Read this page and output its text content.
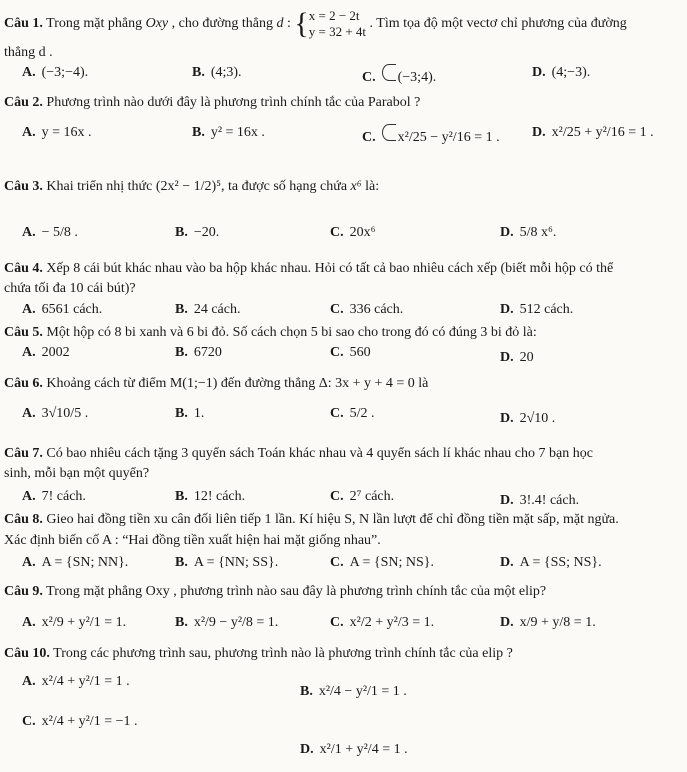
Câu 1. Trong mặt phẳng Oxy , cho đường thẳng d : { x = 2 − 2t
y = 32 + 4t
. Tìm tọa độ một vectơ chỉ phương của đường
thẳng d .
A. (−3;−4).	B. (4;3).	C. (−3;4).	D. (4;−3).
Câu 2. Phương trình nào dưới đây là phương trình chính tắc của Parabol ?
A. y = 16x .	B. y² = 16x .	C. x²/25 − y²/16 = 1 . D. x²/25 + y²/16 = 1 .
Câu 3. Khai triển nhị thức (2x² − 1/2)⁵, ta được số hạng chứa x⁶ là:
A. − 5/8 .	B. −20.	C. 20x⁶	D. 5/8 x⁶.
Câu 4. Xếp 8 cái bút khác nhau vào ba hộp khác nhau. Hỏi có tất cả bao nhiêu cách xếp (biết mỗi hộp có thể
chứa tối đa 10 cái bút)?
A. 6561 cách.	B. 24 cách.	C. 336 cách.	D. 512 cách.
Câu 5. Một hộp có 8 bi xanh và 6 bi đỏ. Số cách chọn 5 bi sao cho trong đó có đúng 3 bi đỏ là:
A. 2002	B. 6720	C. 560	D. 20
Câu 6. Khoảng cách từ điểm M(1;−1) đến đường thẳng Δ: 3x + y + 4 = 0 là
A. 3√10/5 .	B. 1.	C. 5/2 .	D. 2√10 .
Câu 7. Có bao nhiêu cách tặng 3 quyển sách Toán khác nhau và 4 quyển sách lí khác nhau cho 7 bạn học
sinh, mỗi bạn một quyển?
A. 7! cách.	B. 12! cách.	C. 2⁷ cách.	D. 3!.4! cách.
Câu 8. Gieo hai đồng tiền xu cân đối liên tiếp 1 lần. Kí hiệu S, N lần lượt để chỉ đồng tiền mặt sấp, mặt ngửa.
Xác định biến cố A : “Hai đồng tiền xuất hiện hai mặt giống nhau”.
A. A = {SN; NN}.	B. A = {NN; SS}.	C. A = {SN; NS}.	D. A = {SS; NS}.
Câu 9. Trong mặt phẳng Oxy , phương trình nào sau đây là phương trình chính tắc của một elip?
A. x²/9 + y²/1 = 1.	B. x²/9 − y²/8 = 1.	C. x²/2 + y²/3 = 1.	D. x/9 + y/8 = 1.
Câu 10. Trong các phương trình sau, phương trình nào là phương trình chính tắc của elip ?
A. x²/4 + y²/1 = 1 .
B. x²/4 − y²/1 = 1 .
C. x²/4 + y²/1 = −1 .
D. x²/1 + y²/4 = 1 .
